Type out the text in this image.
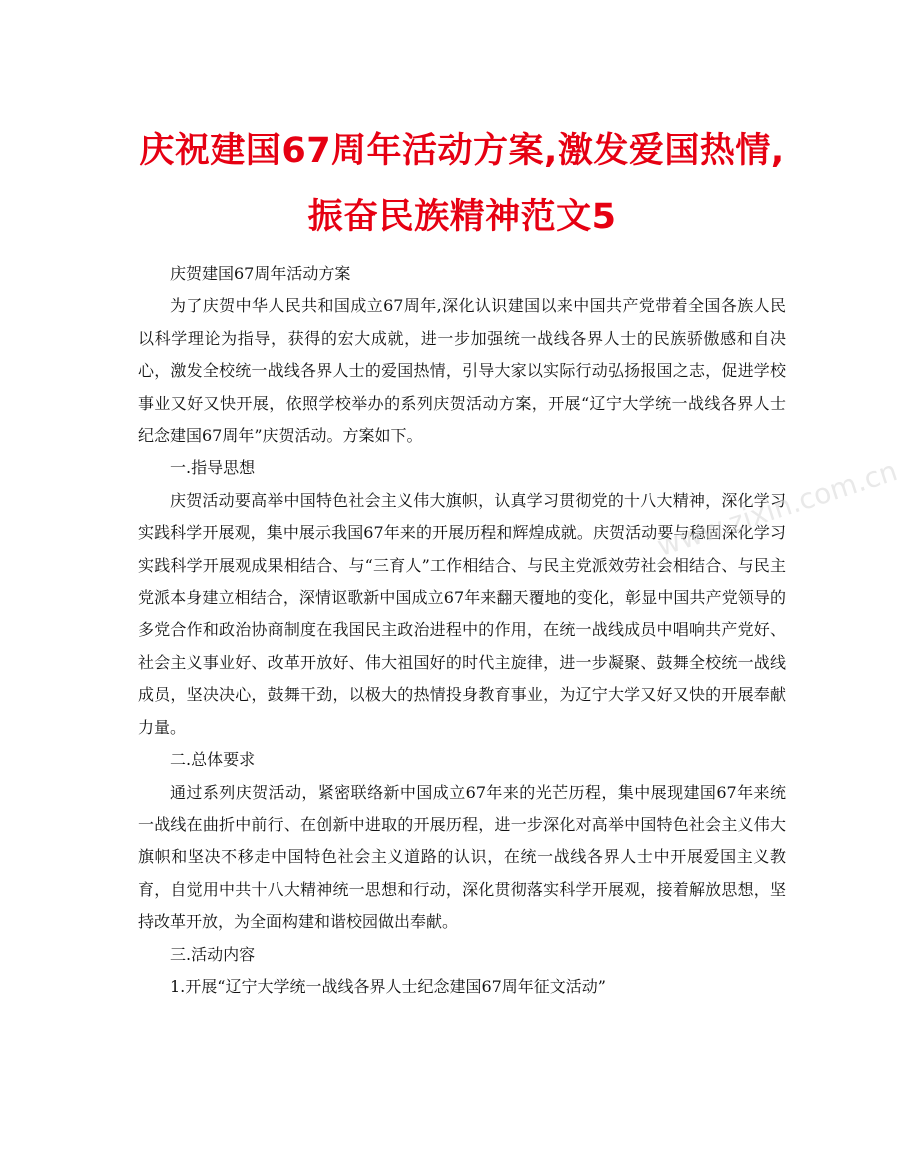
庆祝建国67周年活动方案,激发爱国热情,
振奋民族精神范文5

庆贺建国67周年活动方案

为了庆贺中华人民共和国成立67周年,深化认识建国以来中国共产党带着全国各族人民以科学理论为指导，获得的宏大成就，进一步加强统一战线各界人士的民族骄傲感和自决心，激发全校统一战线各界人士的爱国热情，引导大家以实际行动弘扬报国之志，促进学校事业又好又快开展，依照学校举办的系列庆贺活动方案，开展“辽宁大学统一战线各界人士纪念建国67周年”庆贺活动。方案如下。

一.指导思想

庆贺活动要高举中国特色社会主义伟大旗帜，认真学习贯彻党的十八大精神，深化学习实践科学开展观，集中展示我国67年来的开展历程和辉煌成就。庆贺活动要与稳固深化学习实践科学开展观成果相结合、与“三育人”工作相结合、与民主党派效劳社会相结合、与民主党派本身建立相结合，深情讴歌新中国成立67年来翻天覆地的变化，彰显中国共产党领导的多党合作和政治协商制度在我国民主政治进程中的作用，在统一战线成员中唱响共产党好、社会主义事业好、改革开放好、伟大祖国好的时代主旋律，进一步凝聚、鼓舞全校统一战线成员，坚决决心，鼓舞干劲，以极大的热情投身教育事业，为辽宁大学又好又快的开展奉献力量。

二.总体要求

通过系列庆贺活动，紧密联络新中国成立67年来的光芒历程，集中展现建国67年来统一战线在曲折中前行、在创新中进取的开展历程，进一步深化对高举中国特色社会主义伟大旗帜和坚决不移走中国特色社会主义道路的认识，在统一战线各界人士中开展爱国主义教育，自觉用中共十八大精神统一思想和行动，深化贯彻落实科学开展观，接着解放思想，坚持改革开放，为全面构建和谐校园做出奉献。

三.活动内容

1.开展“辽宁大学统一战线各界人士纪念建国67周年征文活动”

www.zixin.com.cn
